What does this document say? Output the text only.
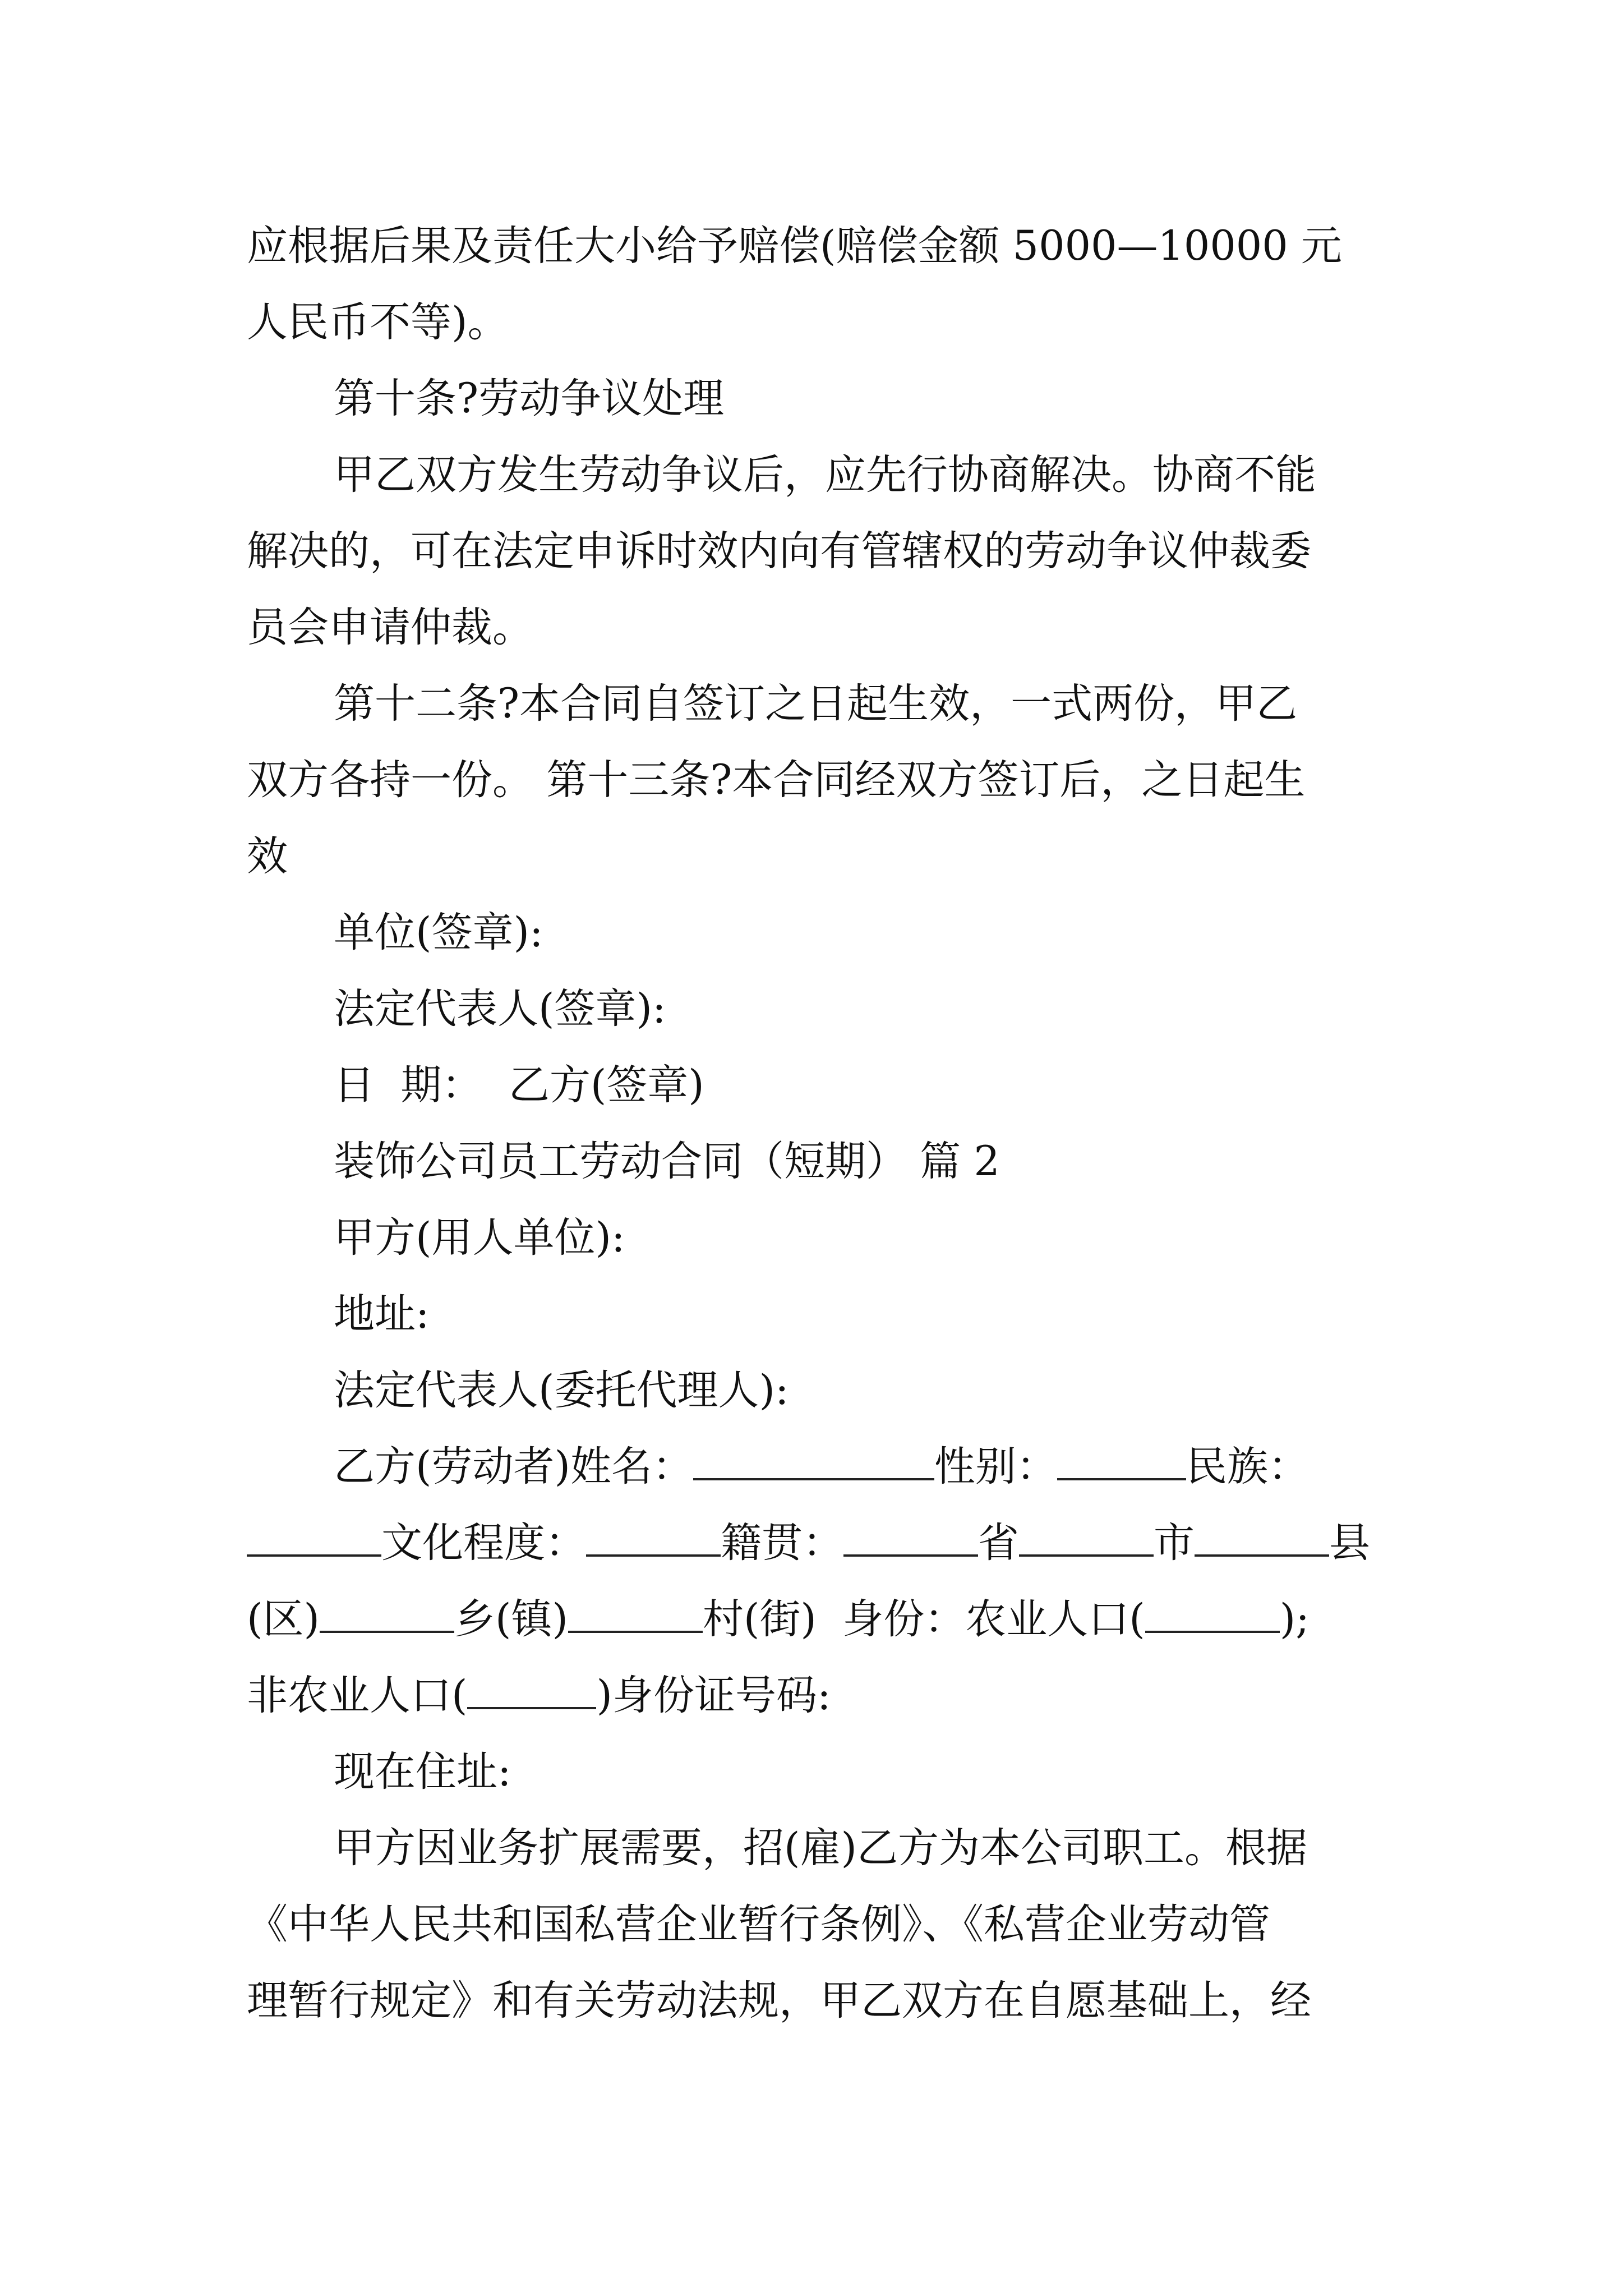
应根据后果及责任大小给予赔偿(赔偿金额 5000—10000 元

人民币不等)。

第十条?劳动争议处理

甲乙双方发生劳动争议后，应先行协商解决。协商不能

解决的，可在法定申诉时效内向有管辖权的劳动争议仲裁委

员会申请仲裁。

第十二条?本合同自签订之日起生效，一式两份，甲乙

双方各持一份。 第十三条?本合同经双方签订后，之日起生

效

单位(签章):

法定代表人(签章):

日  期：  乙方(签章)

装饰公司员工劳动合同（短期） 篇 2

甲方(用人单位):

地址:

法定代表人(委托代理人):

乙方(劳动者)姓名：	性别：	民族：

文化程度：	籍贯：	省	市	县

(区)	乡(镇)	村(街)  身份：农业人口(	);

非农业人口(	)身份证号码:

现在住址:

甲方因业务扩展需要，招(雇)乙方为本公司职工。根据

《中华人民共和国私营企业暂行条例》、《私营企业劳动管

理暂行规定》和有关劳动法规，甲乙双方在自愿基础上，经
